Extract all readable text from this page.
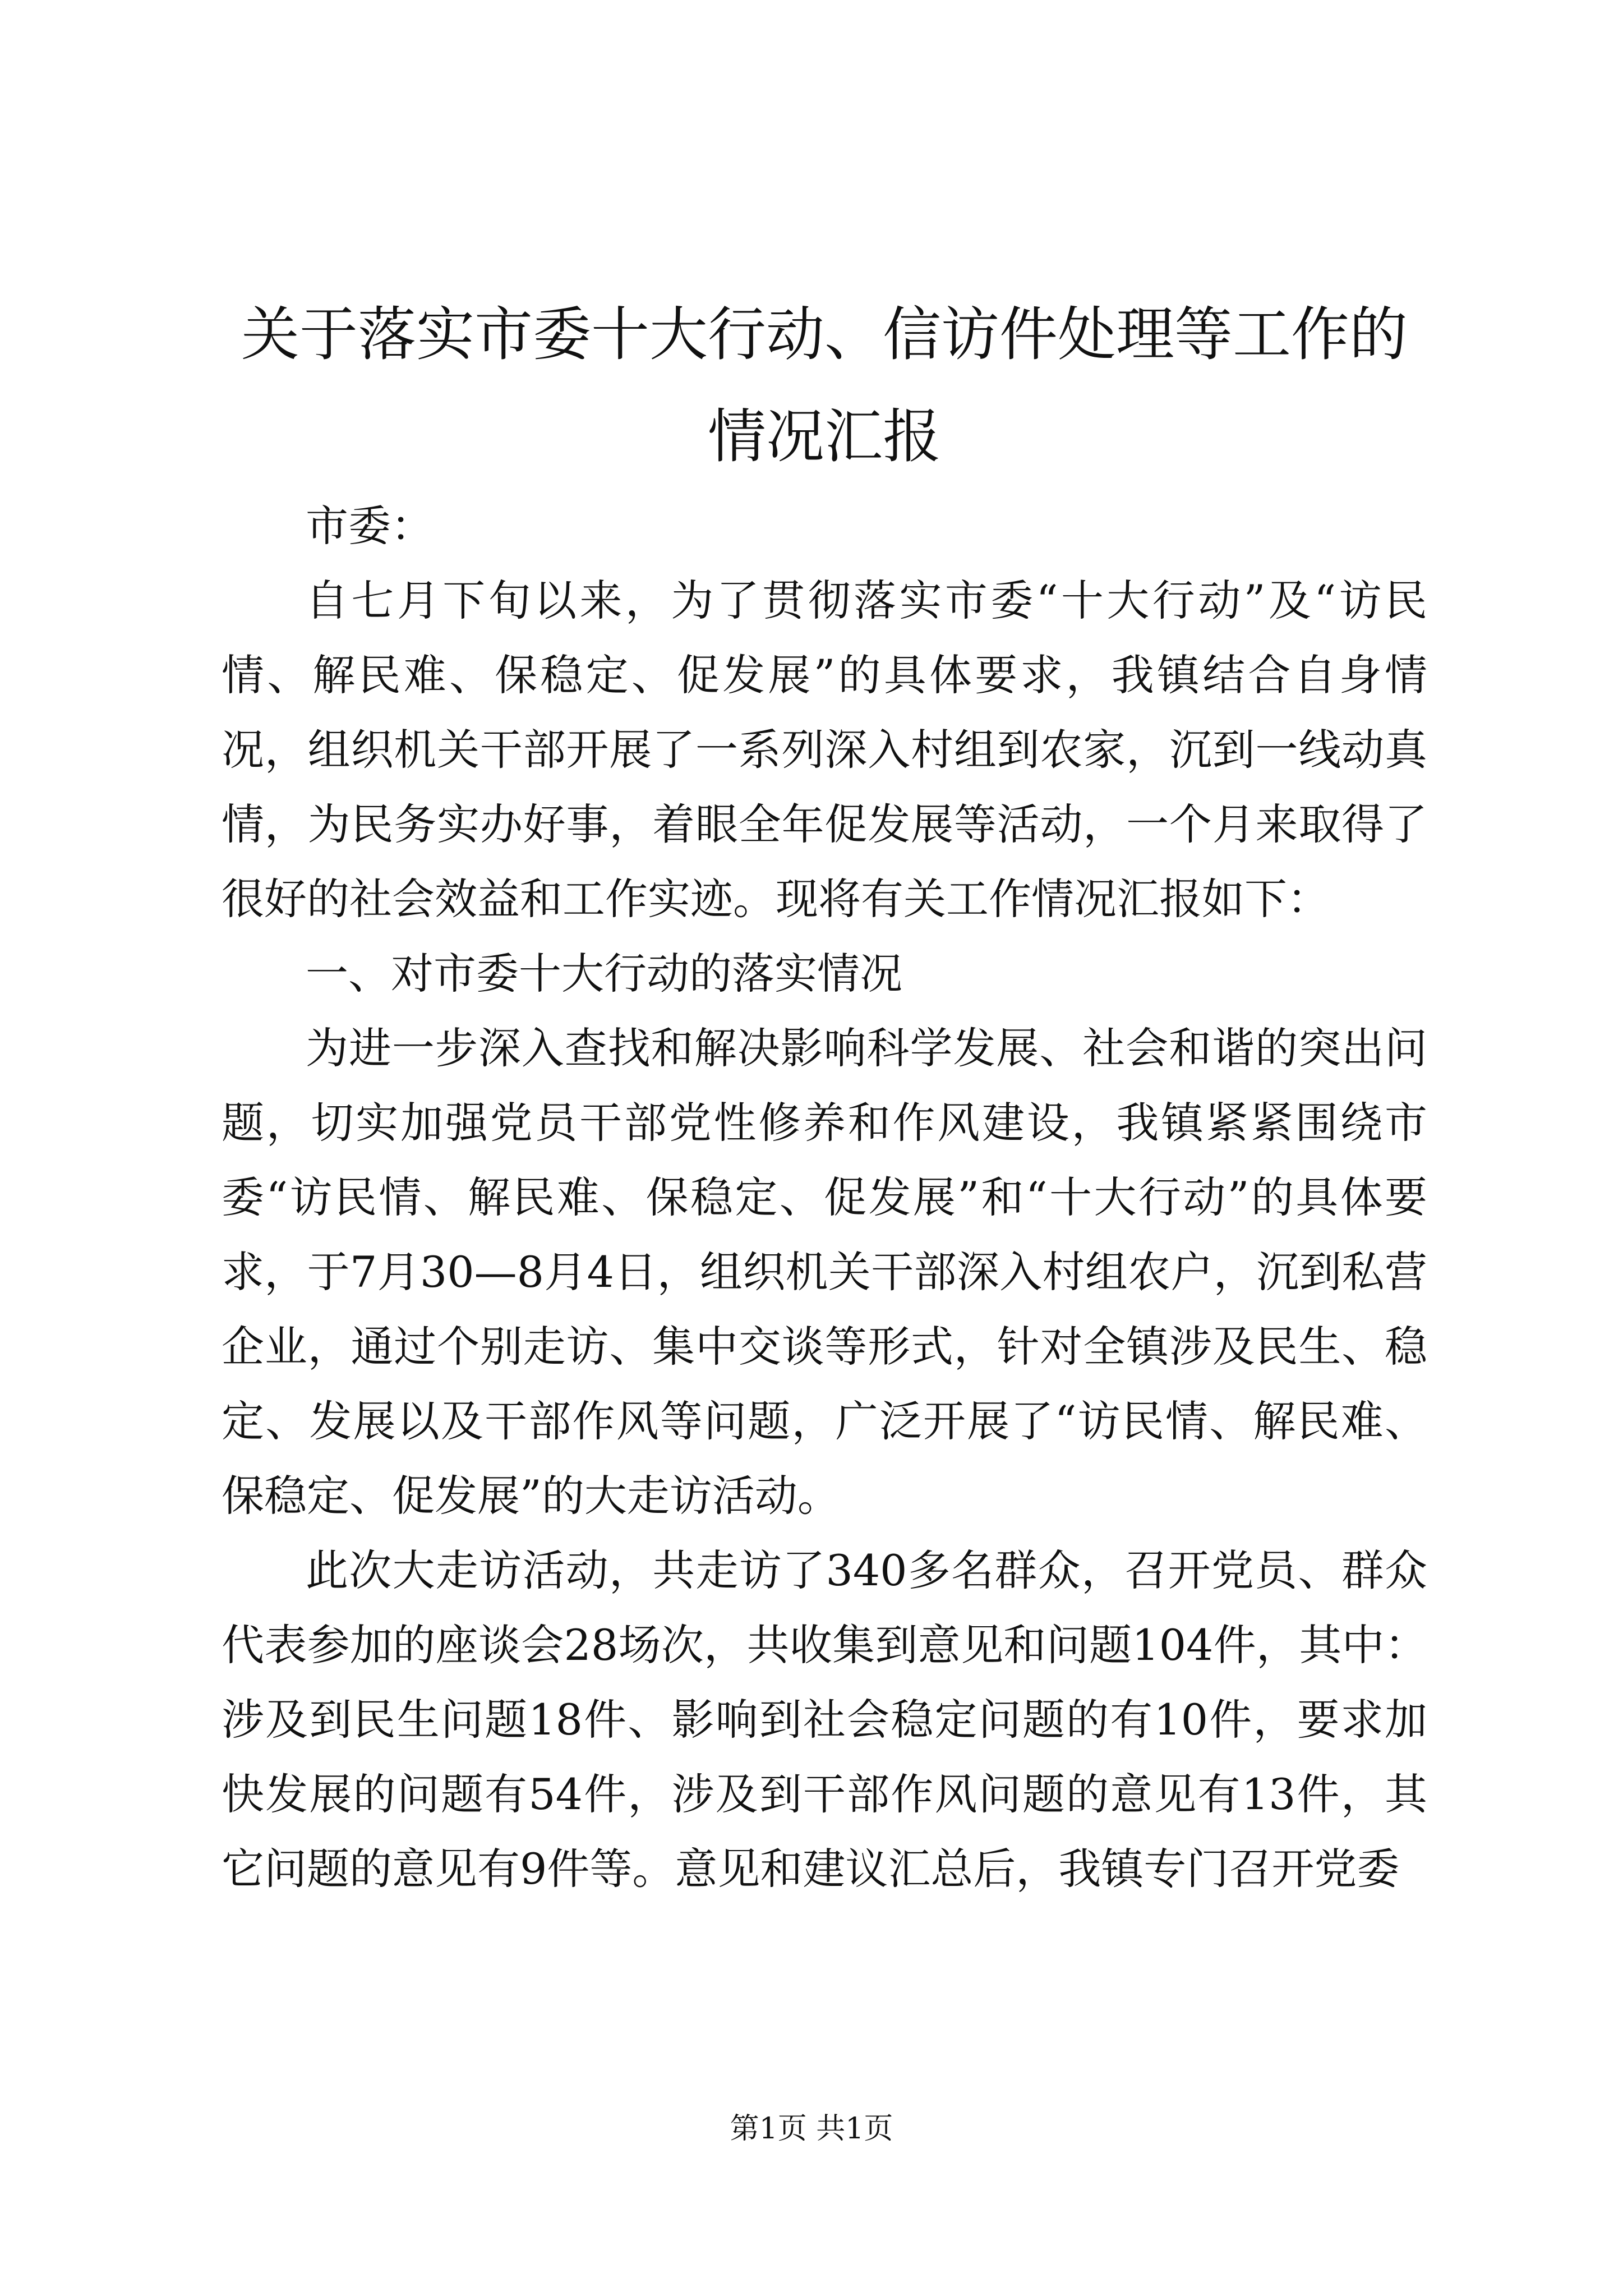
关于落实市委十大行动、信访件处理等工作的情况汇报

市委：

自七月下旬以来，为了贯彻落实市委“十大行动”及“访民情、解民难、保稳定、促发展”的具体要求，我镇结合自身情况，组织机关干部开展了一系列深入村组到农家，沉到一线动真情，为民务实办好事，着眼全年促发展等活动，一个月来取得了很好的社会效益和工作实迹。现将有关工作情况汇报如下：

一、对市委十大行动的落实情况

为进一步深入查找和解决影响科学发展、社会和谐的突出问题，切实加强党员干部党性修养和作风建设，我镇紧紧围绕市委“访民情、解民难、保稳定、促发展”和“十大行动”的具体要求，于7月30—8月4日，组织机关干部深入村组农户，沉到私营企业，通过个别走访、集中交谈等形式，针对全镇涉及民生、稳定、发展以及干部作风等问题，广泛开展了“访民情、解民难、保稳定、促发展”的大走访活动。

此次大走访活动，共走访了340多名群众，召开党员、群众代表参加的座谈会28场次，共收集到意见和问题104件，其中：涉及到民生问题18件、影响到社会稳定问题的有10件，要求加快发展的问题有54件，涉及到干部作风问题的意见有13件，其它问题的意见有9件等。意见和建议汇总后，我镇专门召开党委

第1页 共1页
